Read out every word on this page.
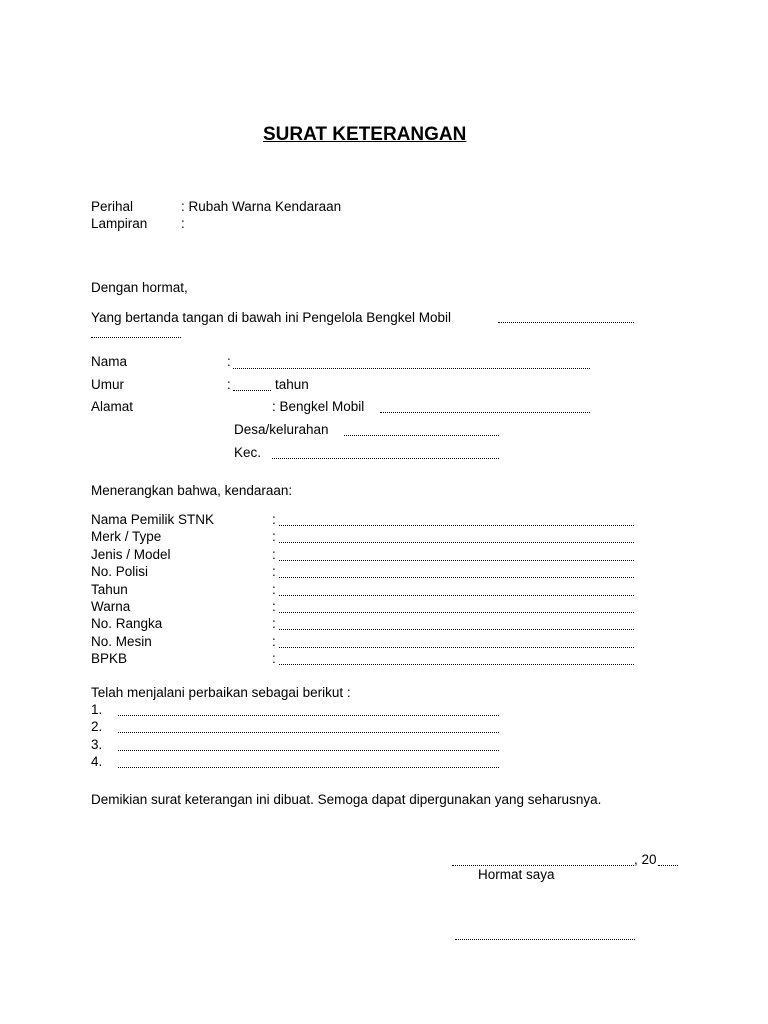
SURAT KETERANGAN
Perihal	: Rubah Warna Kendaraan
Lampiran :
Dengan hormat,
Yang bertanda tangan di bawah ini Pengelola Bengkel Mobil
Nama	:
Umur	:	tahun
Alamat	: Bengkel Mobil
Desa/kelurahan
Kec.
Menerangkan bahwa, kendaraan:
Nama Pemilik STNK	:
Merk / Type	:
Jenis / Model	:
No. Polisi	:
Tahun	:
Warna	:
No. Rangka	:
No. Mesin	:
BPKB	:
Telah menjalani perbaikan sebagai berikut :
1.
2.
3.
4.
Demikian surat keterangan ini dibuat. Semoga dapat dipergunakan yang seharusnya.
, 20
Hormat saya
